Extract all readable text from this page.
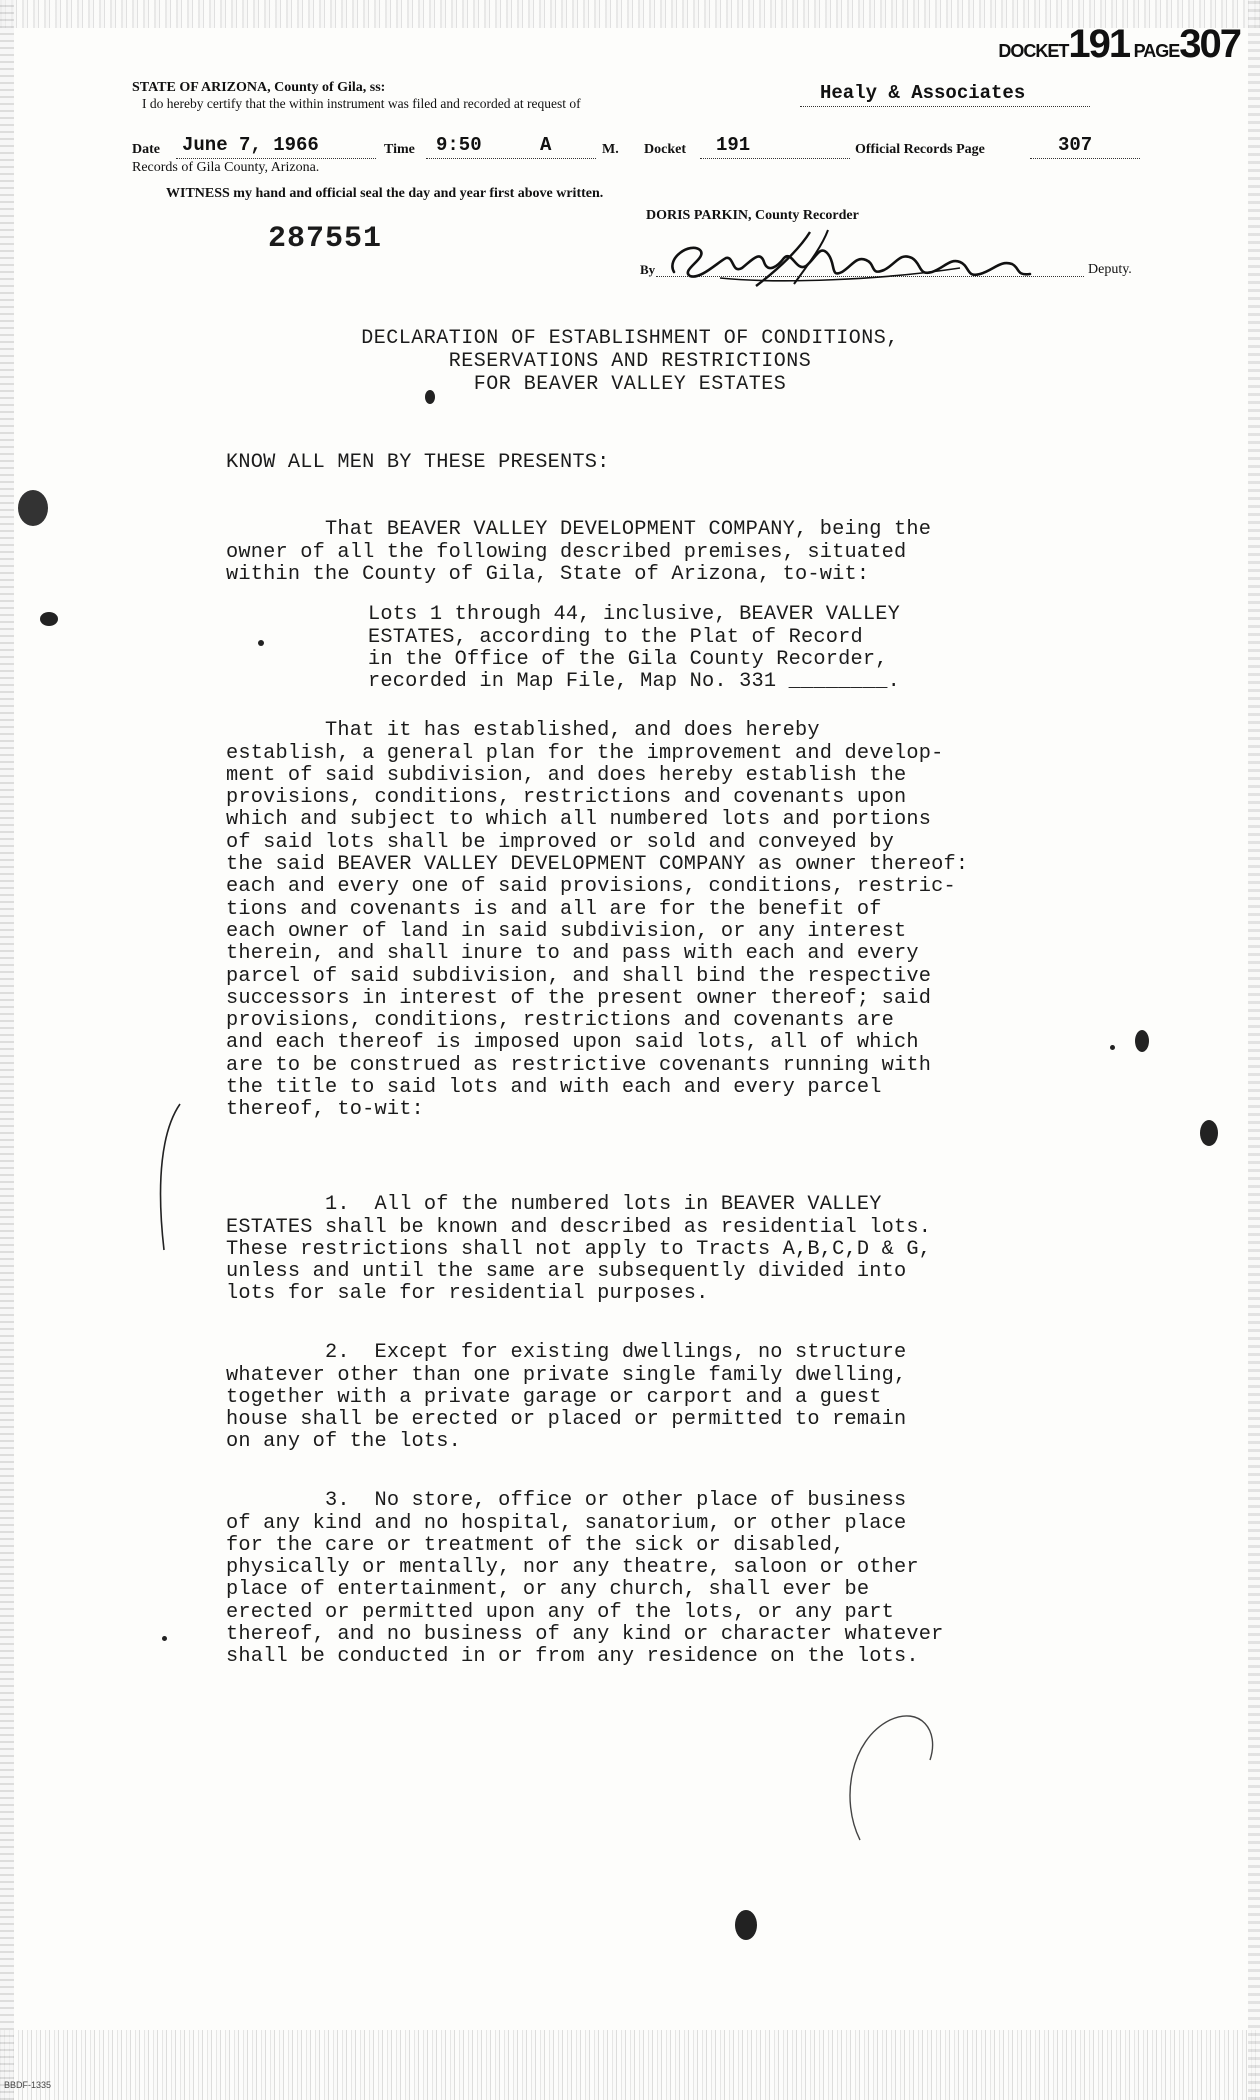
DOCKET191 PAGE307
STATE OF ARIZONA, County of Gila, ss:
I do hereby certify that the within instrument was filed and recorded at request of	Healy & Associates
Date June 7, 1966	Time 9:50	A	M. Docket 191	Official Records Page	307
Records of Gila County, Arizona.
WITNESS my hand and official seal the day and year first above written.
DORIS PARKIN, County Recorder
By	Deputy.
287551
DECLARATION OF ESTABLISHMENT OF CONDITIONS,
RESERVATIONS AND RESTRICTIONS
FOR BEAVER VALLEY ESTATES
KNOW ALL MEN BY THESE PRESENTS:

That BEAVER VALLEY DEVELOPMENT COMPANY, being the
owner of all the following described premises, situated
within the County of Gila, State of Arizona, to-wit:

Lots 1 through 44, inclusive, BEAVER VALLEY
ESTATES, according to the Plat of Record
in the Office of the Gila County Recorder,
recorded in Map File, Map No. 331 ________.

That it has established, and does hereby
establish, a general plan for the improvement and develop-
ment of said subdivision, and does hereby establish the
provisions, conditions, restrictions and covenants upon
which and subject to which all numbered lots and portions
of said lots shall be improved or sold and conveyed by
the said BEAVER VALLEY DEVELOPMENT COMPANY as owner thereof:
each and every one of said provisions, conditions, restric-
tions and covenants is and all are for the benefit of
each owner of land in said subdivision, or any interest
therein, and shall inure to and pass with each and every
parcel of said subdivision, and shall bind the respective
successors in interest of the present owner thereof; said
provisions, conditions, restrictions and covenants are
and each thereof is imposed upon said lots, all of which
are to be construed as restrictive covenants running with
the title to said lots and with each and every parcel
thereof, to-wit:

1.  All of the numbered lots in BEAVER VALLEY
ESTATES shall be known and described as residential lots.
These restrictions shall not apply to Tracts A,B,C,D & G,
unless and until the same are subsequently divided into
lots for sale for residential purposes.

2.  Except for existing dwellings, no structure
whatever other than one private single family dwelling,
together with a private garage or carport and a guest
house shall be erected or placed or permitted to remain
on any of the lots.

3.  No store, office or other place of business
of any kind and no hospital, sanatorium, or other place
for the care or treatment of the sick or disabled,
physically or mentally, nor any theatre, saloon or other
place of entertainment, or any church, shall ever be
erected or permitted upon any of the lots, or any part
thereof, and no business of any kind or character whatever
shall be conducted in or from any residence on the lots.
BBDF-1335
